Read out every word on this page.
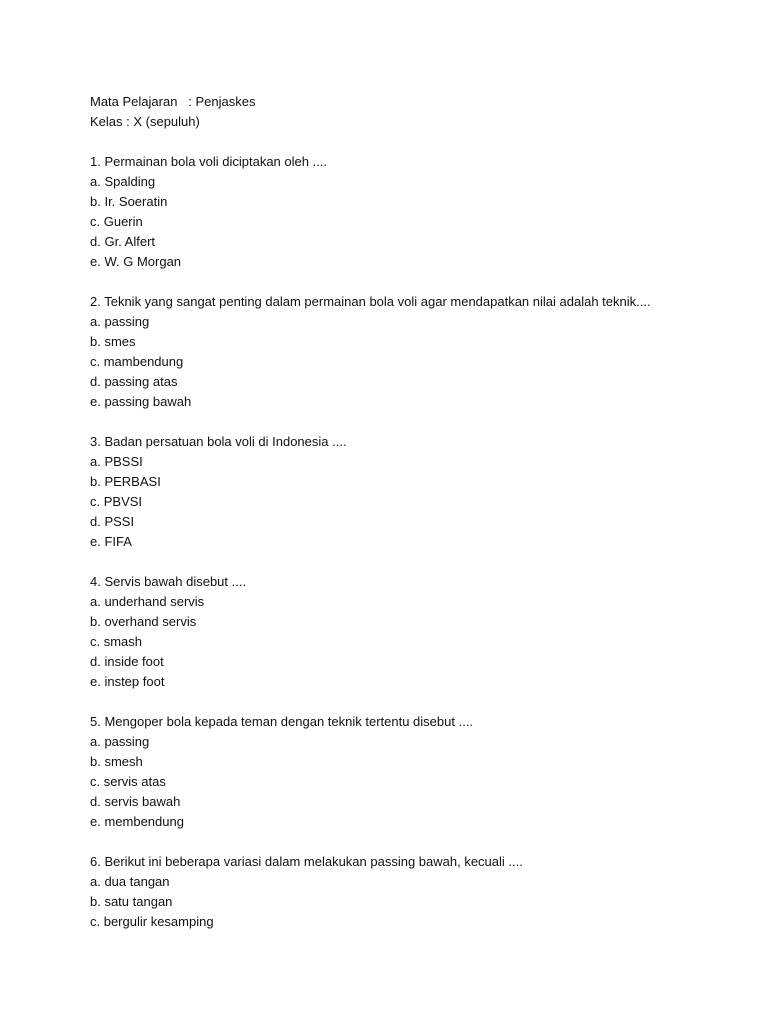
Mata Pelajaran   : Penjaskes
Kelas : X (sepuluh)
1. Permainan bola voli diciptakan oleh ....
a. Spalding
b. Ir. Soeratin
c. Guerin
d. Gr. Alfert
e. W. G Morgan
2. Teknik yang sangat penting dalam permainan bola voli agar mendapatkan nilai adalah teknik....
a. passing
b. smes
c. mambendung
d. passing atas
e. passing bawah
3. Badan persatuan bola voli di Indonesia ....
a. PBSSI
b. PERBASI
c. PBVSI
d. PSSI
e. FIFA
4. Servis bawah disebut ....
a. underhand servis
b. overhand servis
c. smash
d. inside foot
e. instep foot
5. Mengoper bola kepada teman dengan teknik tertentu disebut ....
a. passing
b. smesh
c. servis atas
d. servis bawah
e. membendung
6. Berikut ini beberapa variasi dalam melakukan passing bawah, kecuali ....
a. dua tangan
b. satu tangan
c. bergulir kesamping
